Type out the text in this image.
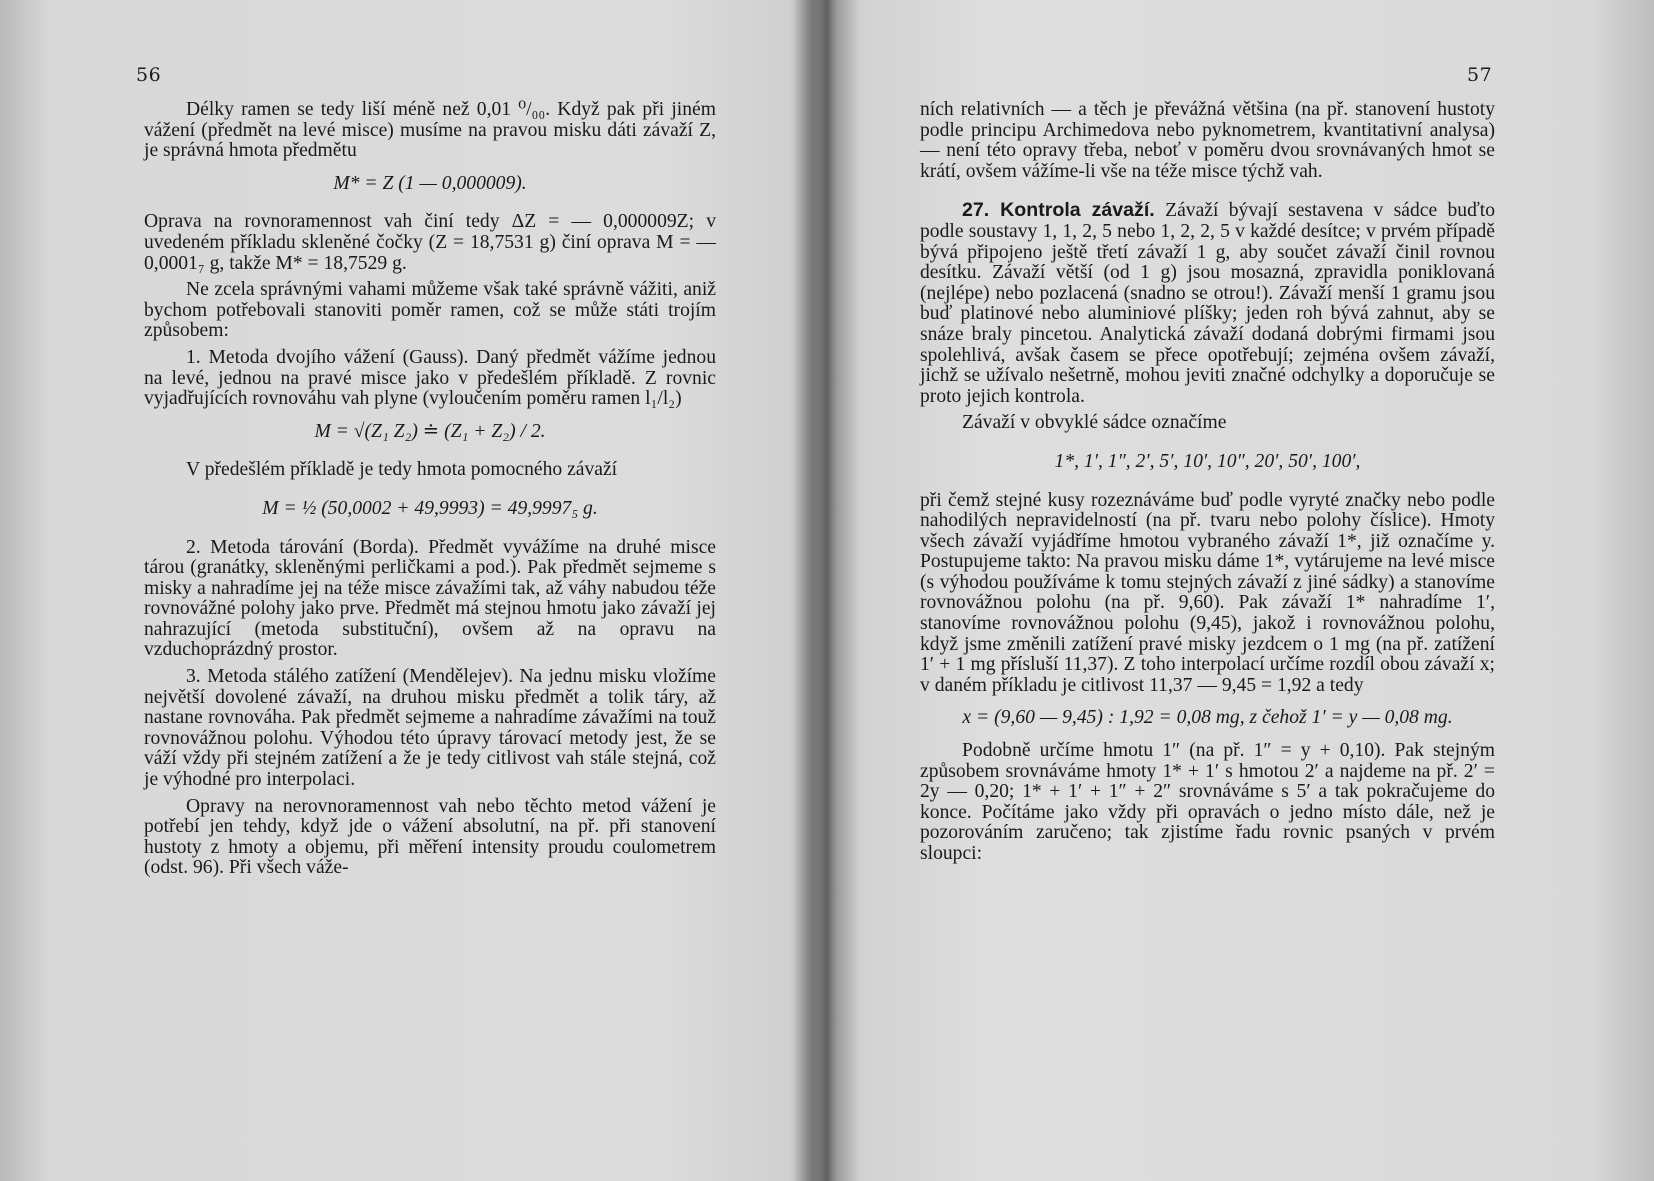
56

Délky ramen se tedy liší méně než 0,01 ⁰/₀₀. Když pak při jiném vážení (předmět na levé misce) musíme na pravou misku dáti závaží Z, je správná hmota předmětu

M* = Z (1 — 0,000009).

Oprava na rovnoramennost vah činí tedy ΔZ = — 0,000009Z; v uvedeném příkladu skleněné čočky (Z = 18,7531 g) činí oprava M = — 0,0001₇ g, takže M* = 18,7529 g.

Ne zcela správnými vahami můžeme však také správně vážiti, aniž bychom potřebovali stanoviti poměr ramen, což se může státi trojím způsobem:

1. Metoda dvojího vážení (Gauss). Daný předmět vážíme jednou na levé, jednou na pravé misce jako v předešlém příkladě. Z rovnic vyjadřujících rovnováhu vah plyne (vyloučením poměru ramen l₁/l₂)

M = √(Z₁ Z₂) ≐ (Z₁ + Z₂) / 2.

V předešlém příkladě je tedy hmota pomocného závaží

M = ½ (50,0002 + 49,9993) = 49,9997₅ g.

2. Metoda tárování (Borda). Předmět vyvážíme na druhé misce tárou (granátky, skleněnými perličkami a pod.). Pak předmět sejmeme s misky a nahradíme jej na téže misce závažími tak, až váhy nabudou téže rovnovážné polohy jako prve. Předmět má stejnou hmotu jako závaží jej nahrazující (metoda substituční), ovšem až na opravu na vzduchoprázdný prostor.

3. Metoda stálého zatížení (Mendělejev). Na jednu misku vložíme největší dovolené závaží, na druhou misku předmět a tolik táry, až nastane rovnováha. Pak předmět sejmeme a nahradíme závažími na touž rovnovážnou polohu. Výhodou této úpravy tárovací metody jest, že se váží vždy při stejném zatížení a že je tedy citlivost vah stále stejná, což je výhodné pro interpolaci.

Opravy na nerovnoramennost vah nebo těchto metod vážení je potřebí jen tehdy, když jde o vážení absolutní, na př. při stanovení hustoty z hmoty a objemu, při měření intensity proudu coulometrem (odst. 96). Při všech váže-

57

ních relativních — a těch je převážná většina (na př. stanovení hustoty podle principu Archimedova nebo pyknometrem, kvantitativní analysa) — není této opravy třeba, neboť v poměru dvou srovnávaných hmot se krátí, ovšem vážíme-li vše na téže misce týchž vah.

27. Kontrola závaží. Závaží bývají sestavena v sádce buďto podle soustavy 1, 1, 2, 5 nebo 1, 2, 2, 5 v každé desítce; v prvém případě bývá připojeno ještě třetí závaží 1 g, aby součet závaží činil rovnou desítku. Závaží větší (od 1 g) jsou mosazná, zpravidla poniklovaná (nejlépe) nebo pozlacená (snadno se otrou!). Závaží menší 1 gramu jsou buď platinové nebo aluminiové plíšky; jeden roh bývá zahnut, aby se snáze braly pincetou. Analytická závaží dodaná dobrými firmami jsou spolehlivá, avšak časem se přece opotřebují; zejména ovšem závaží, jichž se užívalo nešetrně, mohou jeviti značné odchylky a doporučuje se proto jejich kontrola.

Závaží v obvyklé sádce označíme

1*, 1′, 1″, 2′, 5′, 10′, 10″, 20′, 50′, 100′,

při čemž stejné kusy rozeznáváme buď podle vyryté značky nebo podle nahodilých nepravidelností (na př. tvaru nebo polohy číslice). Hmoty všech závaží vyjádříme hmotou vybraného závaží 1*, již označíme y. Postupujeme takto: Na pravou misku dáme 1*, vytárujeme na levé misce (s výhodou používáme k tomu stejných závaží z jiné sádky) a stanovíme rovnovážnou polohu (na př. 9,60). Pak závaží 1* nahradíme 1′, stanovíme rovnovážnou polohu (9,45), jakož i rovnovážnou polohu, když jsme změnili zatížení pravé misky jezdcem o 1 mg (na př. zatížení 1′ + 1 mg přísluší 11,37). Z toho interpolací určíme rozdíl obou závaží x; v daném příkladu je citlivost 11,37 — 9,45 = 1,92 a tedy

x = (9,60 — 9,45) : 1,92 = 0,08 mg, z čehož 1′ = y — 0,08 mg.

Podobně určíme hmotu 1″ (na př. 1″ = y + 0,10). Pak stejným způsobem srovnáváme hmoty 1* + 1′ s hmotou 2′ a najdeme na př. 2′ = 2y — 0,20; 1* + 1′ + 1″ + 2″ srovnáváme s 5′ a tak pokračujeme do konce. Počítáme jako vždy při opravách o jedno místo dále, než je pozorováním zaručeno; tak zjistíme řadu rovnic psaných v prvém sloupci:
